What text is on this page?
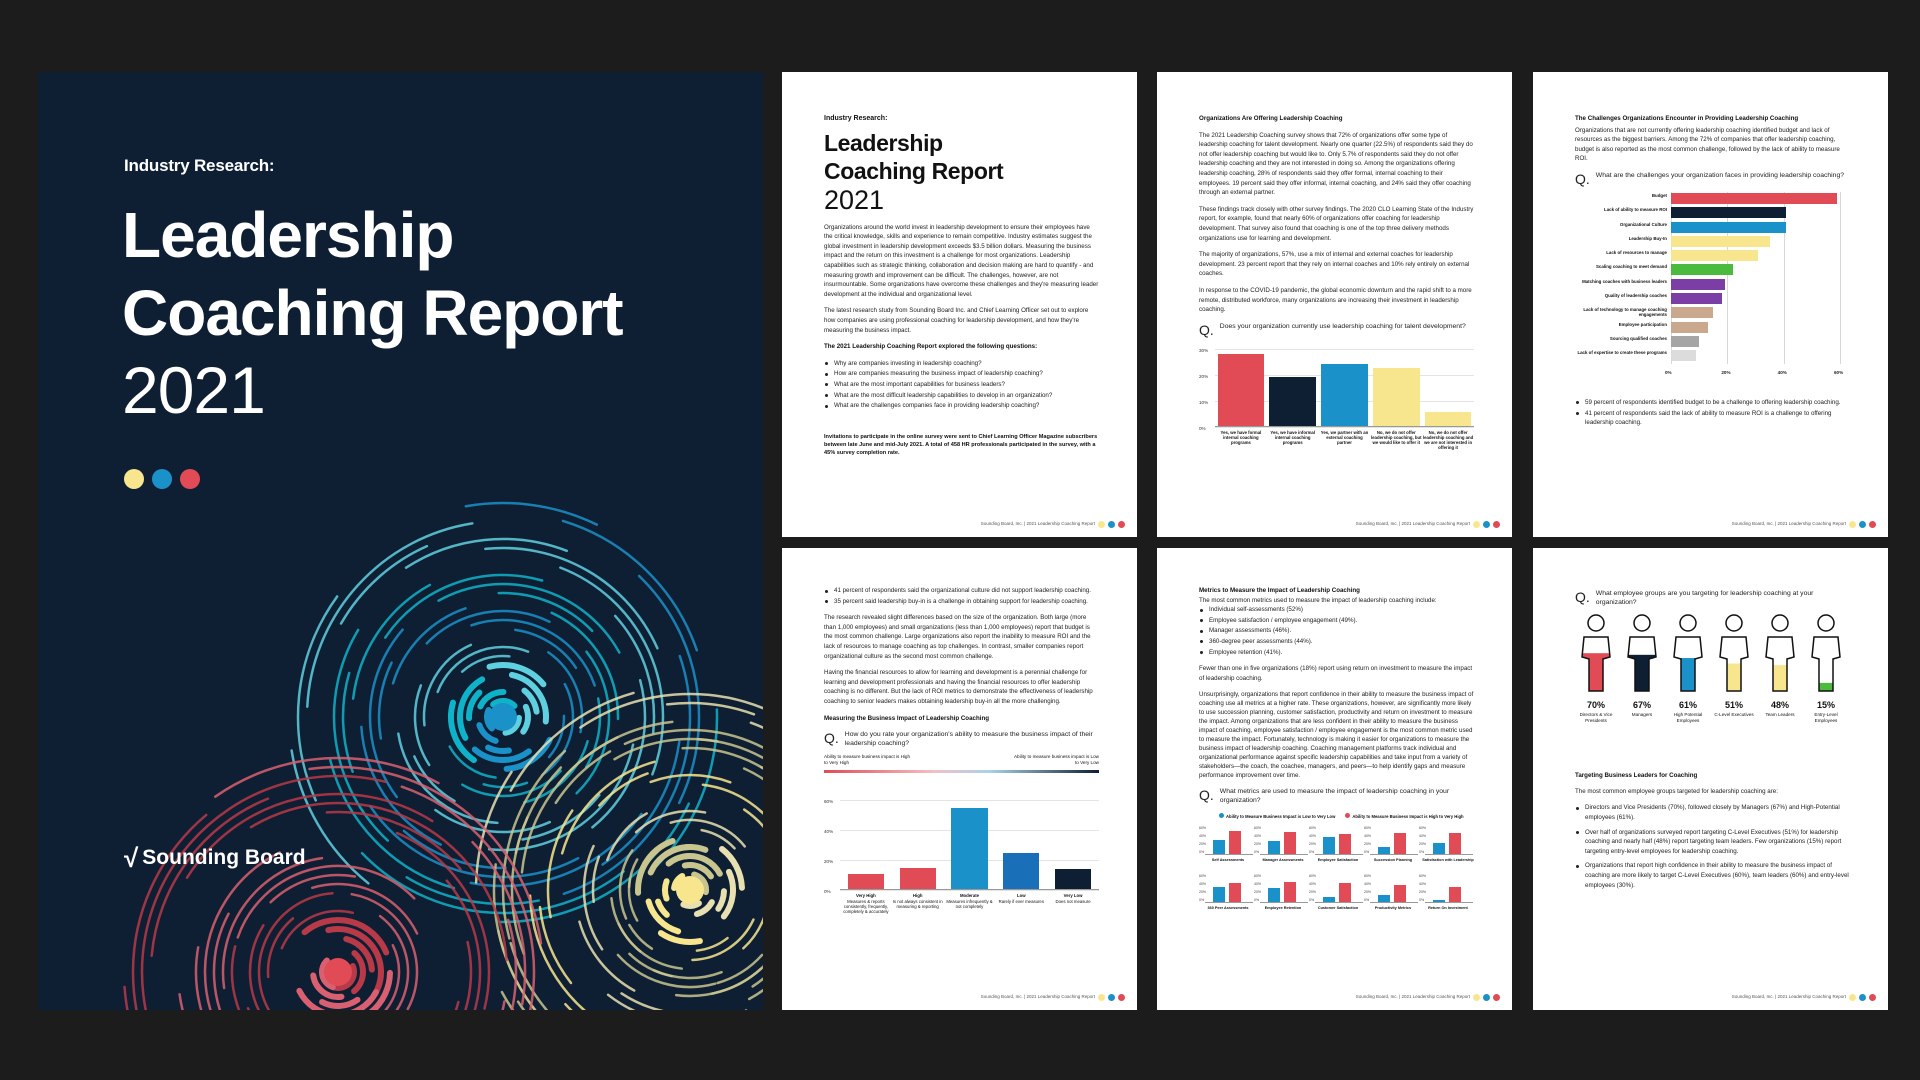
Industry Research:
Leadership
Coaching Report
2021
√ Sounding Board
Industry Research:
Leadership
Coaching Report
2021

Organizations around the world invest in leadership development to ensure their employees have the critical knowledge, skills and experience to remain competitive. Industry estimates suggest the global investment in leadership development exceeds $3.5 billion dollars. Measuring the business impact and the return on this investment is a challenge for most organizations. Leadership capabilities such as strategic thinking, collaboration and decision making are hard to quantify - and measuring growth and improvement can be difficult. The challenges, however, are not insurmountable. Some organizations have overcome these challenges and they're measuring leader development at the individual and organizational level.

The latest research study from Sounding Board Inc. and Chief Learning Officer set out to explore how companies are using professional coaching for leadership development, and how they're measuring the business impact.

The 2021 Leadership Coaching Report explored the following questions:

Why are companies investing in leadership coaching?
How are companies measuring the business impact of leadership coaching?
What are the most important capabilities for business leaders?
What are the most difficult leadership capabilities to develop in an organization?
What are the challenges companies face in providing leadership coaching?

Invitations to participate in the online survey were sent to Chief Learning Officer Magazine subscribers between late June and mid-July 2021. A total of 458 HR professionals participated in the survey, with a 45% survey completion rate.

Sounding Board, Inc. | 2021 Leadership Coaching Report

Organizations Are Offering Leadership Coaching

The 2021 Leadership Coaching survey shows that 72% of organizations offer some type of leadership coaching for talent development. Nearly one quarter (22.5%) of respondents said they do not offer leadership coaching but would like to. Only 5.7% of respondents said they do not offer leadership coaching and they are not interested in doing so. Among the organizations offering leadership coaching, 28% of respondents said they offer formal, internal coaching to their employees. 19 percent said they offer informal, internal coaching, and 24% said they offer coaching through an external partner.

These findings track closely with other survey findings. The 2020 CLO Learning State of the Industry report, for example, found that nearly 60% of organizations offer coaching for leadership development. That survey also found that coaching is one of the top three delivery methods organizations use for learning and development.

The majority of organizations, 57%, use a mix of internal and external coaches for leadership development. 23 percent report that they rely on internal coaches and 10% rely entirely on external coaches.

In response to the COVID-19 pandemic, the global economic downturn and the rapid shift to a more remote, distributed workforce, many organizations are increasing their investment in leadership coaching.

Q. Does your organization currently use leadership coaching for talent development?
0%
10%
20%
30%
Yes, we have formal internal coaching programs
Yes, we have informal internal coaching programs
Yes, we partner with an external coaching partner
No, we do not offer leadership coaching, but we would like to offer it
No, we do not offer leadership coaching and we are not interested in offering it
Sounding Board, Inc. | 2021 Leadership Coaching Report

The Challenges Organizations Encounter in Providing Leadership Coaching

Organizations that are not currently offering leadership coaching identified budget and lack of resources as the biggest barriers. Among the 72% of companies that offer leadership coaching, budget is also reported as the most common challenge, followed by the lack of ability to measure ROI.

Q. What are the challenges your organization faces in providing leadership coaching?
0%	20%	40%	60%
Budget
Lack of ability to measure ROI
Organizational Culture
Leadership Buy-In
Lack of resources to manage
Scaling coaching to meet demand
Matching coaches with business leaders
Quality of leadership coaches
Lack of technology to manage coaching engagements
Employee participation
Sourcing qualified coaches
Lack of expertise to create these programs
59 percent of respondents identified budget to be a challenge to offering leadership coaching.
41 percent of respondents said the lack of ability to measure ROI is a challenge to offering leadership coaching.
Sounding Board, Inc. | 2021 Leadership Coaching Report
41 percent of respondents said the organizational culture did not support leadership coaching.
35 percent said leadership buy-in is a challenge in obtaining support for leadership coaching.

The research revealed slight differences based on the size of the organization. Both large (more than 1,000 employees) and small organizations (less than 1,000 employees) report that budget is the most common challenge. Large organizations also report the inability to measure ROI and the lack of resources to manage coaching as top challenges. In contrast, smaller companies report organizational culture as the second most common challenge.

Having the financial resources to allow for learning and development is a perennial challenge for learning and development professionals and having the financial resources to offer leadership coaching is no different. But the lack of ROI metrics to demonstrate the effectiveness of leadership coaching to senior leaders makes obtaining leadership buy-in all the more challenging.

Measuring the Business Impact of Leadership Coaching

Q. How do you rate your organization's ability to measure the business impact of their leadership coaching?
Ability to measure business impact is High to Very High
Ability to measure business impact is Low to Very Low
0%
20%
40%
60%
Very High
Measures & reports consistently, frequently, completely & accurately
High
Is not always consistent in measuring & reporting
Moderate
Measures infrequently & not completely
Low
Rarely if ever measures
Very Low
Does not measure
Sounding Board, Inc. | 2021 Leadership Coaching Report

Metrics to Measure the Impact of Leadership Coaching

The most common metrics used to measure the impact of leadership coaching include:

Individual self-assessments (52%)
Employee satisfaction / employee engagement (49%).
Manager assessments (46%).
360-degree peer assessments (44%).
Employee retention (41%).

Fewer than one in five organizations (18%) report using return on investment to measure the impact of leadership coaching.

Unsurprisingly, organizations that report confidence in their ability to measure the business impact of coaching use all metrics at a higher rate. These organizations, however, are significantly more likely to use succession planning, customer satisfaction, productivity and return on investment to measure the impact. Among organizations that are less confident in their ability to measure the business impact of coaching, employee satisfaction / employee engagement is the most common metric used to measure the impact. Fortunately, technology is making it easier for organizations to measure the business impact of leadership coaching. Coaching management platforms track individual and organizational performance against specific leadership capabilities and take input from a variety of stakeholders—the coach, the coachee, managers, and peers—to help identify gaps and measure performance improvement over time.

Q. What metrics are used to measure the impact of leadership coaching in your organization?
Ability to Measure Business Impact is Low to Very Low	Ability to Measure Business Impact is High to Very High
0%
20%
40%
60%
Self Assessments
0%
20%
40%
60%
Manager Assessments
0%
20%
40%
60%
Employee Satisfaction
0%
20%
40%
60%
Succession Planning
0%
20%
40%
60%
Satisfaction with Leadership
0%
20%
40%
60%
360 Peer Assessments
0%
20%
40%
60%
Employee Retention
0%
20%
40%
60%
Customer Satisfaction
0%
20%
40%
60%
Productivity Metrics
0%
20%
40%
60%
Return On Investment
Sounding Board, Inc. | 2021 Leadership Coaching Report
Q. What employee groups are you targeting for leadership coaching at your organization?
70%
Directors & Vice Presidents
67%
Managers
61%
High Potential Employees
51%
C-Level Executives
48%
Team Leaders
15%
Entry-Level Employees

Targeting Business Leaders for Coaching

The most common employee groups targeted for leadership coaching are:

Directors and Vice Presidents (70%), followed closely by Managers (67%) and High-Potential employees (61%).
Over half of organizations surveyed report targeting C-Level Executives (51%) for leadership coaching and nearly half (48%) report targeting team leaders. Few organizations (15%) report targeting entry-level employees for leadership coaching.
Organizations that report high confidence in their ability to measure the business impact of coaching are more likely to target C-Level Executives (60%), team leaders (60%) and entry-level employees (30%).
Sounding Board, Inc. | 2021 Leadership Coaching Report
